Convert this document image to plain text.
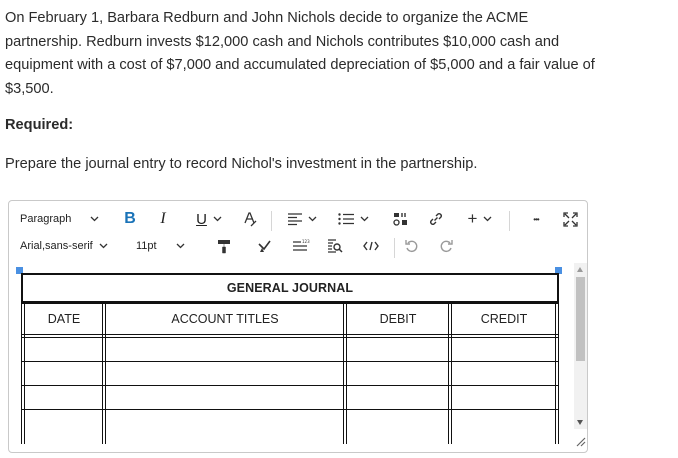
On February 1, Barbara Redburn and John Nichols decide to organize the ACME partnership. Redburn invests $12,000 cash and Nichols contributes $10,000 cash and equipment with a cost of $7,000 and accumulated depreciation of $5,000 and a fair value of $3,500.

Required:

Prepare the journal entry to record Nichol's investment in the partnership.

Paragraph	B I U	+	•••
Arial,sans-serif	11pt	123
GENERAL JOURNAL
DATE	ACCOUNT TITLES	DEBIT	CREDIT
